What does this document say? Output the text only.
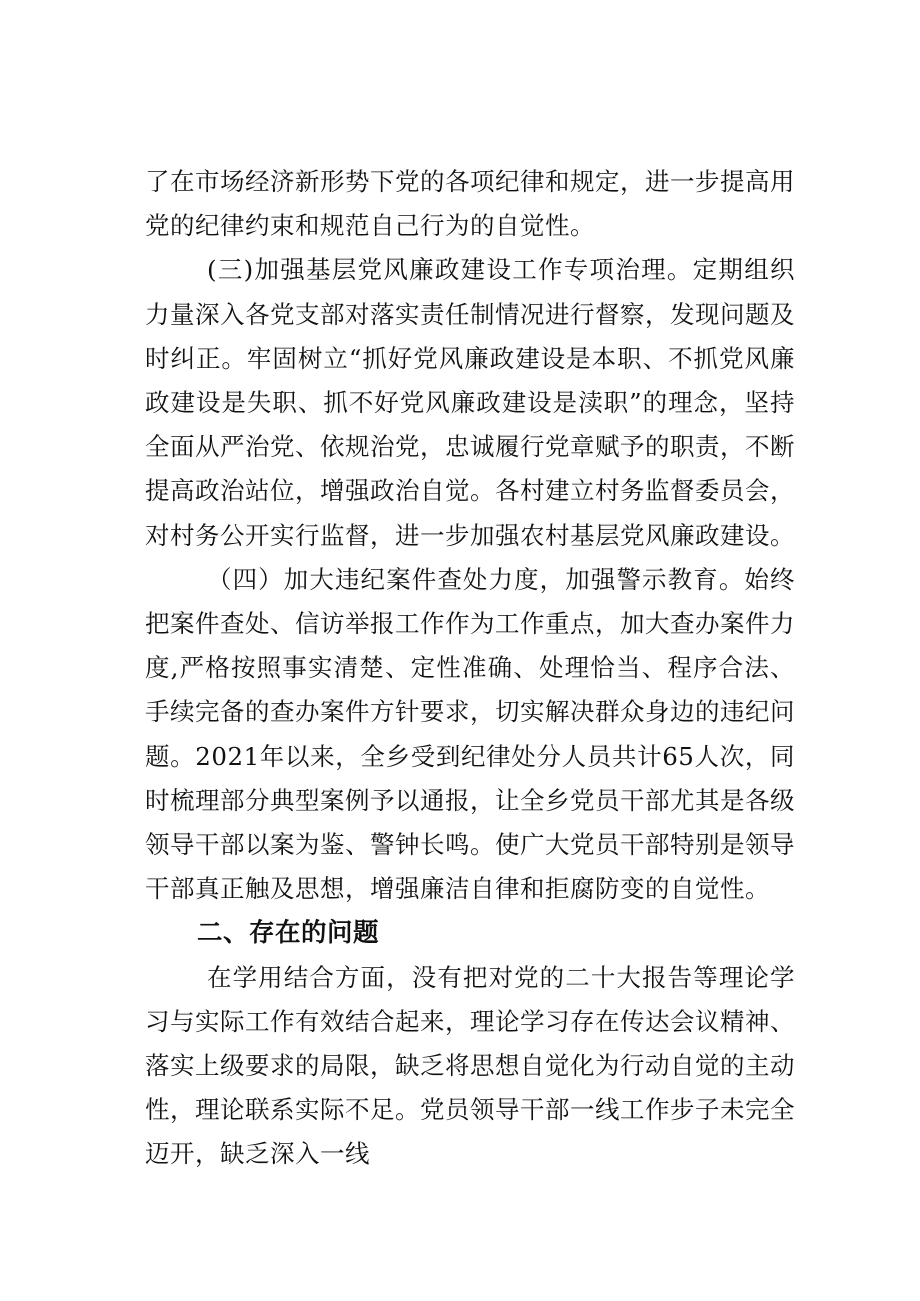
了在市场经济新形势下党的各项纪律和规定，进一步提高用党的纪律约束和规范自己行为的自觉性。

(三)加强基层党风廉政建设工作专项治理。定期组织力量深入各党支部对落实责任制情况进行督察，发现问题及时纠正。牢固树立“抓好党风廉政建设是本职、不抓党风廉政建设是失职、抓不好党风廉政建设是渎职”的理念，坚持全面从严治党、依规治党，忠诚履行党章赋予的职责，不断提高政治站位，增强政治自觉。各村建立村务监督委员会，对村务公开实行监督，进一步加强农村基层党风廉政建设。

（四）加大违纪案件查处力度，加强警示教育。始终把案件查处、信访举报工作作为工作重点，加大查办案件力度,严格按照事实清楚、定性准确、处理恰当、程序合法、手续完备的查办案件方针要求，切实解决群众身边的违纪问题。2021年以来，全乡受到纪律处分人员共计65人次，同时梳理部分典型案例予以通报，让全乡党员干部尤其是各级领导干部以案为鉴、警钟长鸣。使广大党员干部特别是领导干部真正触及思想，增强廉洁自律和拒腐防变的自觉性。

二、存在的问题

在学用结合方面，没有把对党的二十大报告等理论学习与实际工作有效结合起来，理论学习存在传达会议精神、落实上级要求的局限，缺乏将思想自觉化为行动自觉的主动性，理论联系实际不足。党员领导干部一线工作步子未完全迈开，缺乏深入一线
